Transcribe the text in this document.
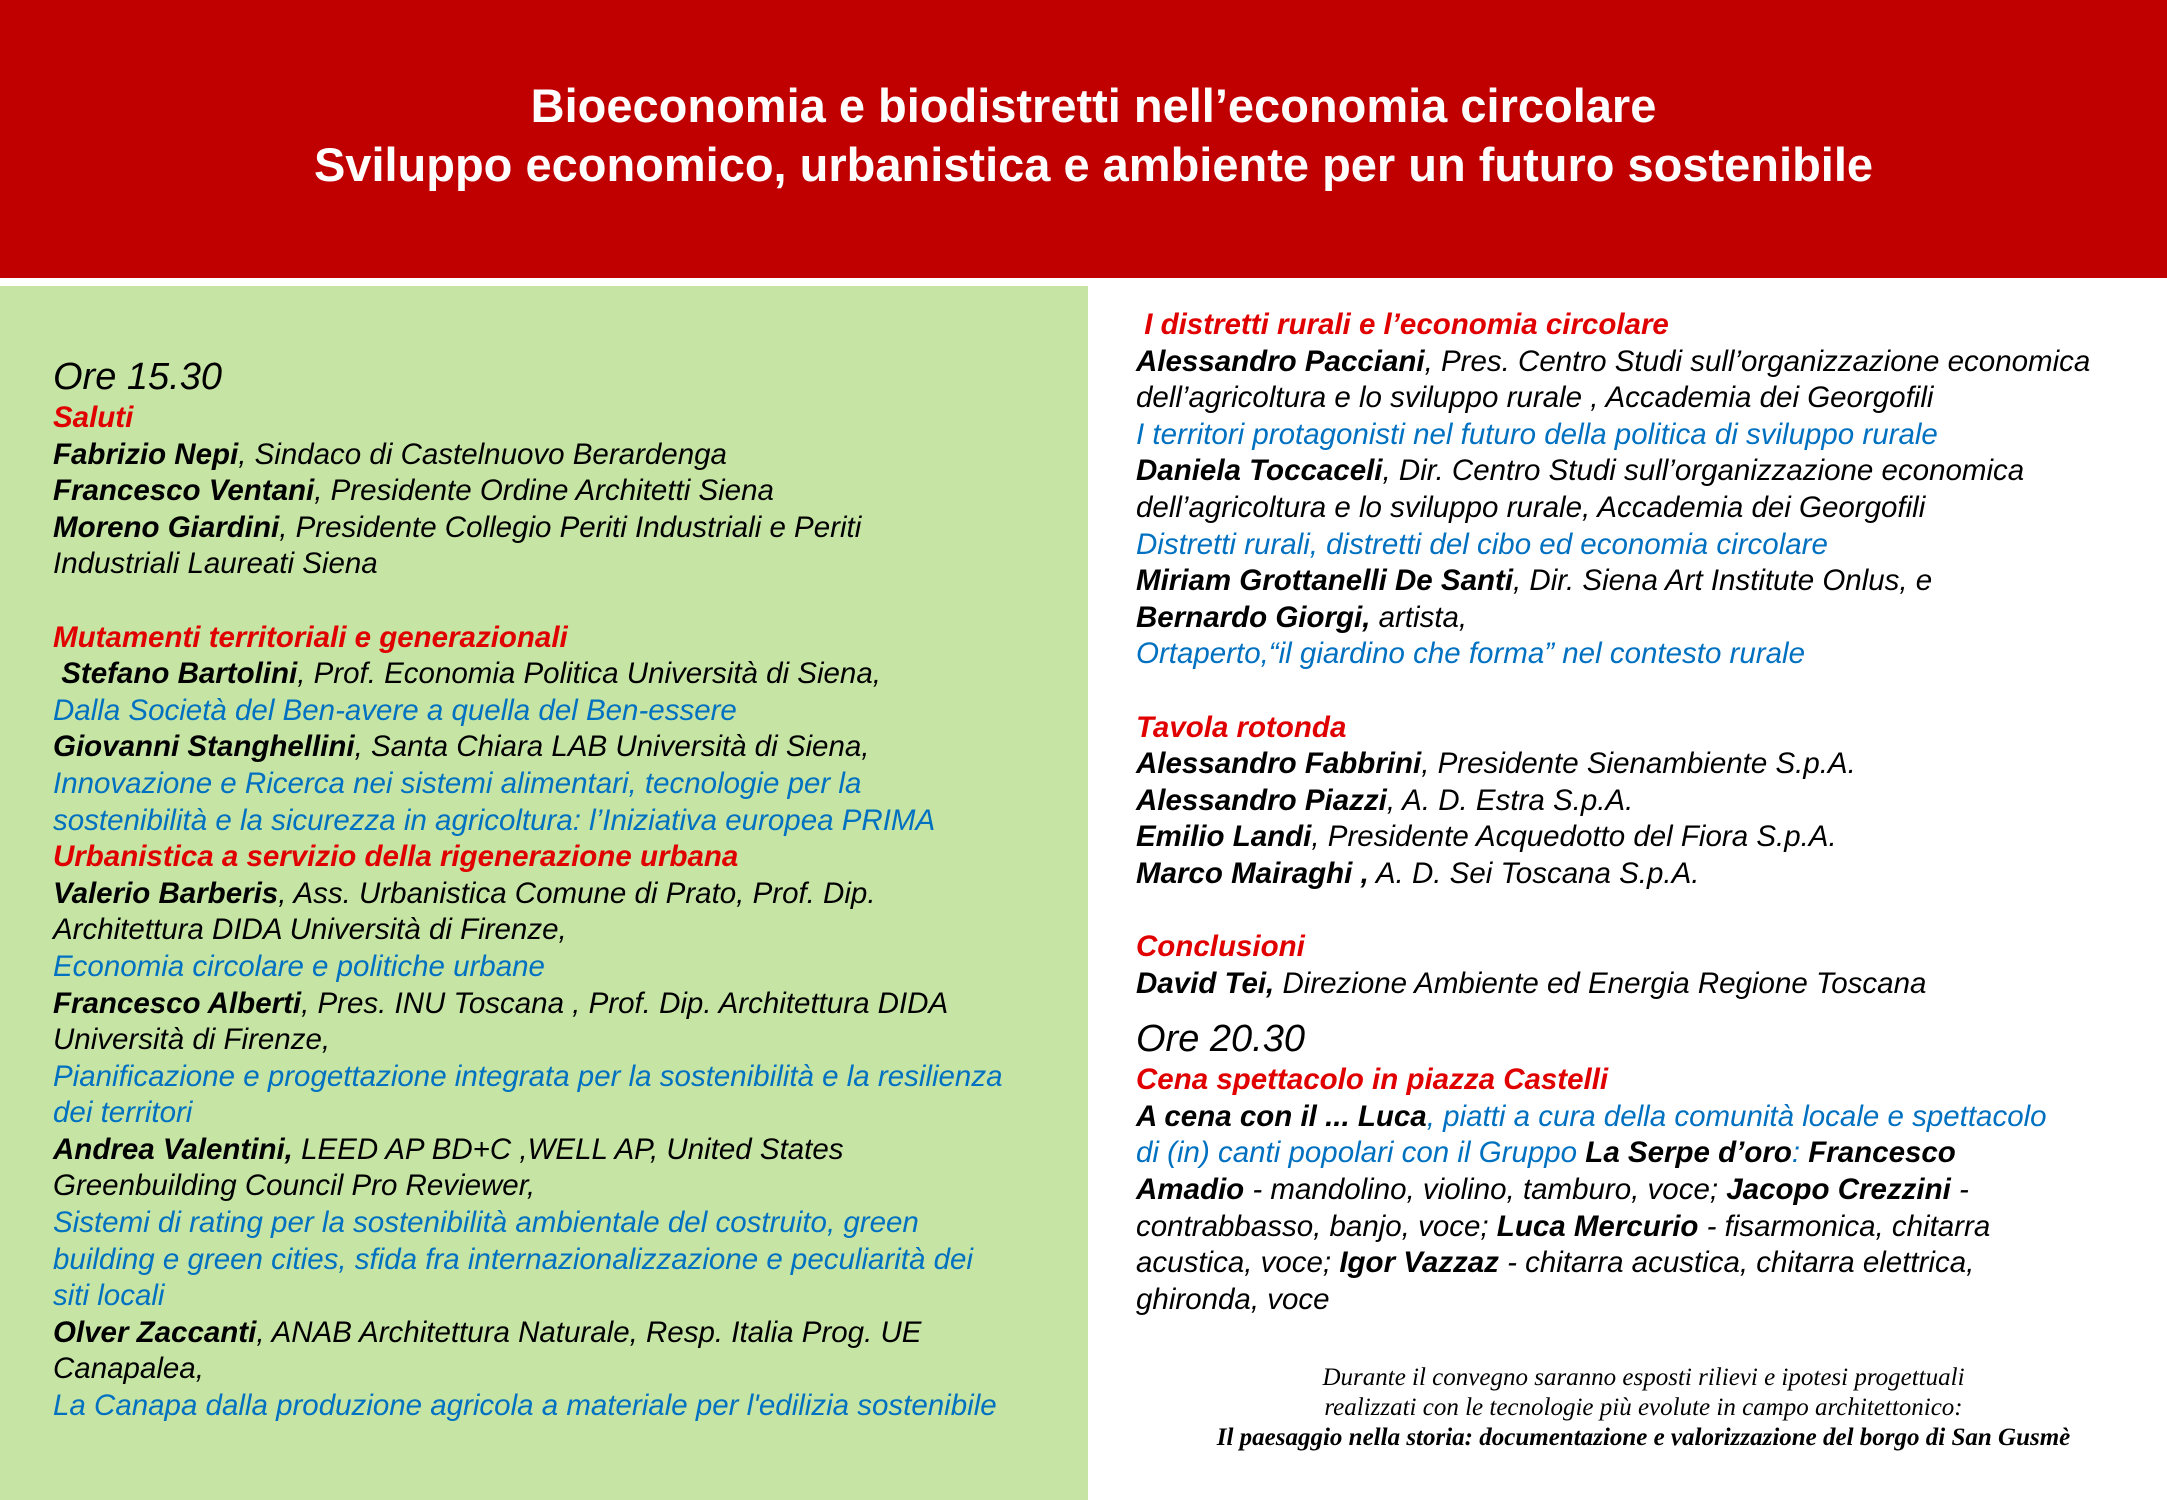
Bioeconomia e biodistretti nell’economia circolare
Sviluppo economico, urbanistica e ambiente per un futuro sostenibile
Ore 15.30
Saluti
Fabrizio Nepi, Sindaco di Castelnuovo Berardenga
Francesco Ventani, Presidente Ordine Architetti Siena
Moreno Giardini, Presidente Collegio Periti Industriali e Periti
Industriali Laureati Siena
Mutamenti territoriali e generazionali
Stefano Bartolini, Prof. Economia Politica Università di Siena,
Dalla Società del Ben-avere a quella del Ben-essere
Giovanni Stanghellini, Santa Chiara LAB Università di Siena,
Innovazione e Ricerca nei sistemi alimentari, tecnologie per la
sostenibilità e la sicurezza in agricoltura: l’Iniziativa europea PRIMA
Urbanistica a servizio della rigenerazione urbana
Valerio Barberis, Ass. Urbanistica Comune di Prato, Prof. Dip.
Architettura DIDA Università di Firenze,
Economia circolare e politiche urbane
Francesco Alberti, Pres. INU Toscana , Prof. Dip. Architettura DIDA
Università di Firenze,
Pianificazione e progettazione integrata per la sostenibilità e la resilienza
dei territori
Andrea Valentini, LEED AP BD+C ,WELL AP, United States
Greenbuilding Council Pro Reviewer,
Sistemi di rating per la sostenibilità ambientale del costruito, green
building e green cities, sfida fra internazionalizzazione e peculiarità dei
siti locali
Olver Zaccanti, ANAB Architettura Naturale, Resp. Italia Prog. UE
Canapalea,
La Canapa dalla produzione agricola a materiale per l'edilizia sostenibile
I distretti rurali e l’economia circolare
Alessandro Pacciani, Pres. Centro Studi sull’organizzazione economica
dell’agricoltura e lo sviluppo rurale , Accademia dei Georgofili
I territori protagonisti nel futuro della politica di sviluppo rurale
Daniela Toccaceli, Dir. Centro Studi sull’organizzazione economica
dell’agricoltura e lo sviluppo rurale, Accademia dei Georgofili
Distretti rurali, distretti del cibo ed economia circolare
Miriam Grottanelli De Santi, Dir. Siena Art Institute Onlus, e
Bernardo Giorgi, artista,
Ortaperto,“il giardino che forma” nel contesto rurale
Tavola rotonda
Alessandro Fabbrini, Presidente Sienambiente S.p.A.
Alessandro Piazzi, A. D. Estra S.p.A.
Emilio Landi, Presidente Acquedotto del Fiora S.p.A.
Marco Mairaghi , A. D. Sei Toscana S.p.A.
Conclusioni
David Tei, Direzione Ambiente ed Energia Regione Toscana
Ore 20.30
Cena spettacolo in piazza Castelli
A cena con il ... Luca, piatti a cura della comunità locale e spettacolo
di (in) canti popolari con il Gruppo La Serpe d’oro: Francesco
Amadio - mandolino, violino, tamburo, voce; Jacopo Crezzini -
contrabbasso, banjo, voce; Luca Mercurio - fisarmonica, chitarra
acustica, voce; Igor Vazzaz - chitarra acustica, chitarra elettrica,
ghironda, voce
Durante il convegno saranno esposti rilievi e ipotesi progettuali
realizzati con le tecnologie più evolute in campo architettonico:
Il paesaggio nella storia: documentazione e valorizzazione del borgo di San Gusmè
